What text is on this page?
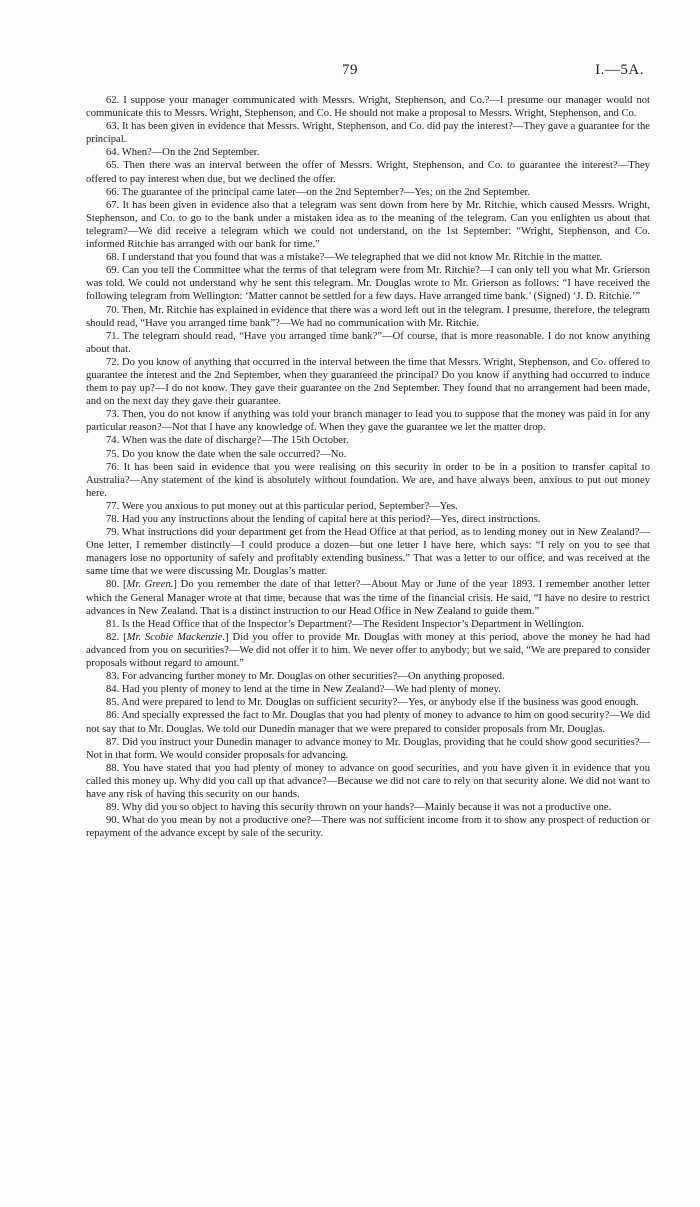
79	I.—5A.

62. I suppose your manager communicated with Messrs. Wright, Stephenson, and Co.?—I presume our manager would not communicate this to Messrs. Wright, Stephenson, and Co. He should not make a proposal to Messrs. Wright, Stephenson, and Co.

63. It has been given in evidence that Messrs. Wright, Stephenson, and Co. did pay the interest?—They gave a guarantee for the principal.

64. When?—On the 2nd September.

65. Then there was an interval between the offer of Messrs. Wright, Stephenson, and Co. to guarantee the interest?—They offered to pay interest when due, but we declined the offer.

66. The guarantee of the principal came later—on the 2nd September?—Yes; on the 2nd September.

67. It has been given in evidence also that a telegram was sent down from here by Mr. Ritchie, which caused Messrs. Wright, Stephenson, and Co. to go to the bank under a mistaken idea as to the meaning of the telegram. Can you enlighten us about that telegram?—We did receive a telegram which we could not understand, on the 1st September: “Wright, Stephenson, and Co. informed Ritchie has arranged with our bank for time.”

68. I understand that you found that was a mistake?—We telegraphed that we did not know Mr. Ritchie in the matter.

69. Can you tell the Committee what the terms of that telegram were from Mr. Ritchie?—I can only tell you what Mr. Grierson was told. We could not understand why he sent this telegram. Mr. Douglas wrote to Mr. Grierson as follows: “I have received the following telegram from Wellington: ‘Matter cannot be settled for a few days. Have arranged time bank.’ (Signed) ‘J. D. Ritchie.’”

70. Then, Mr. Ritchie has explained in evidence that there was a word left out in the telegram. I presume, therefore, the telegram should read, “Have you arranged time bank”?—We had no communication with Mr. Ritchie.

71. The telegram should read, “Have you arranged time bank?”—Of course, that is more reasonable. I do not know anything about that.

72. Do you know of anything that occurred in the interval between the time that Messrs. Wright, Stephenson, and Co. offered to guarantee the interest and the 2nd September, when they guaranteed the principal? Do you know if anything had occurred to induce them to pay up?—I do not know. They gave their guarantee on the 2nd September. They found that no arrangement had been made, and on the next day they gave their guarantee.

73. Then, you do not know if anything was told your branch manager to lead you to suppose that the money was paid in for any particular reason?—Not that I have any knowledge of. When they gave the guarantee we let the matter drop.

74. When was the date of discharge?—The 15th October.

75. Do you know the date when the sale occurred?—No.

76. It has been said in evidence that you were realising on this security in order to be in a position to transfer capital to Australia?—Any statement of the kind is absolutely without foundation. We are, and have always been, anxious to put out money here.

77. Were you anxious to put money out at this particular period, September?—Yes.

78. Had you any instructions about the lending of capital here at this period?—Yes, direct instructions.

79. What instructions did your department get from the Head Office at that period, as to lending money out in New Zealand?—One letter, I remember distinctly—I could produce a dozen—but one letter I have here, which says: “I rely on you to see that managers lose no opportunity of safely and profitably extending business.” That was a letter to our office, and was received at the same time that we were discussing Mr. Douglas’s matter.

80. [Mr. Green.] Do you remember the date of that letter?—About May or June of the year 1893. I remember another letter which the General Manager wrote at that time, because that was the time of the financial crisis. He said, “I have no desire to restrict advances in New Zealand. That is a distinct instruction to our Head Office in New Zealand to guide them.”

81. Is the Head Office that of the Inspector’s Department?—The Resident Inspector’s Department in Wellington.

82. [Mr. Scobie Mackenzie.] Did you offer to provide Mr. Douglas with money at this period, above the money he had had advanced from you on securities?—We did not offer it to him. We never offer to anybody; but we said, “We are prepared to consider proposals without regard to amount.”

83. For advancing further money to Mr. Douglas on other securities?—On anything proposed.

84. Had you plenty of money to lend at the time in New Zealand?—We had plenty of money.

85. And were prepared to lend to Mr. Douglas on sufficient security?—Yes, or anybody else if the business was good enough.

86. And specially expressed the fact to Mr. Douglas that you had plenty of money to advance to him on good security?—We did not say that to Mr. Douglas. We told our Dunedin manager that we were prepared to consider proposals from Mr. Douglas.

87. Did you instruct your Dunedin manager to advance money to Mr. Douglas, providing that he could show good securities?—Not in that form. We would consider proposals for advancing.

88. You have stated that you had plenty of money to advance on good securities, and you have given it in evidence that you called this money up. Why did you call up that advance?—Because we did not care to rely on that security alone. We did not want to have any risk of having this security on our hands.

89. Why did you so object to having this security thrown on your hands?—Mainly because it was not a productive one.

90. What do you mean by not a productive one?—There was not sufficient income from it to show any prospect of reduction or repayment of the advance except by sale of the security.
